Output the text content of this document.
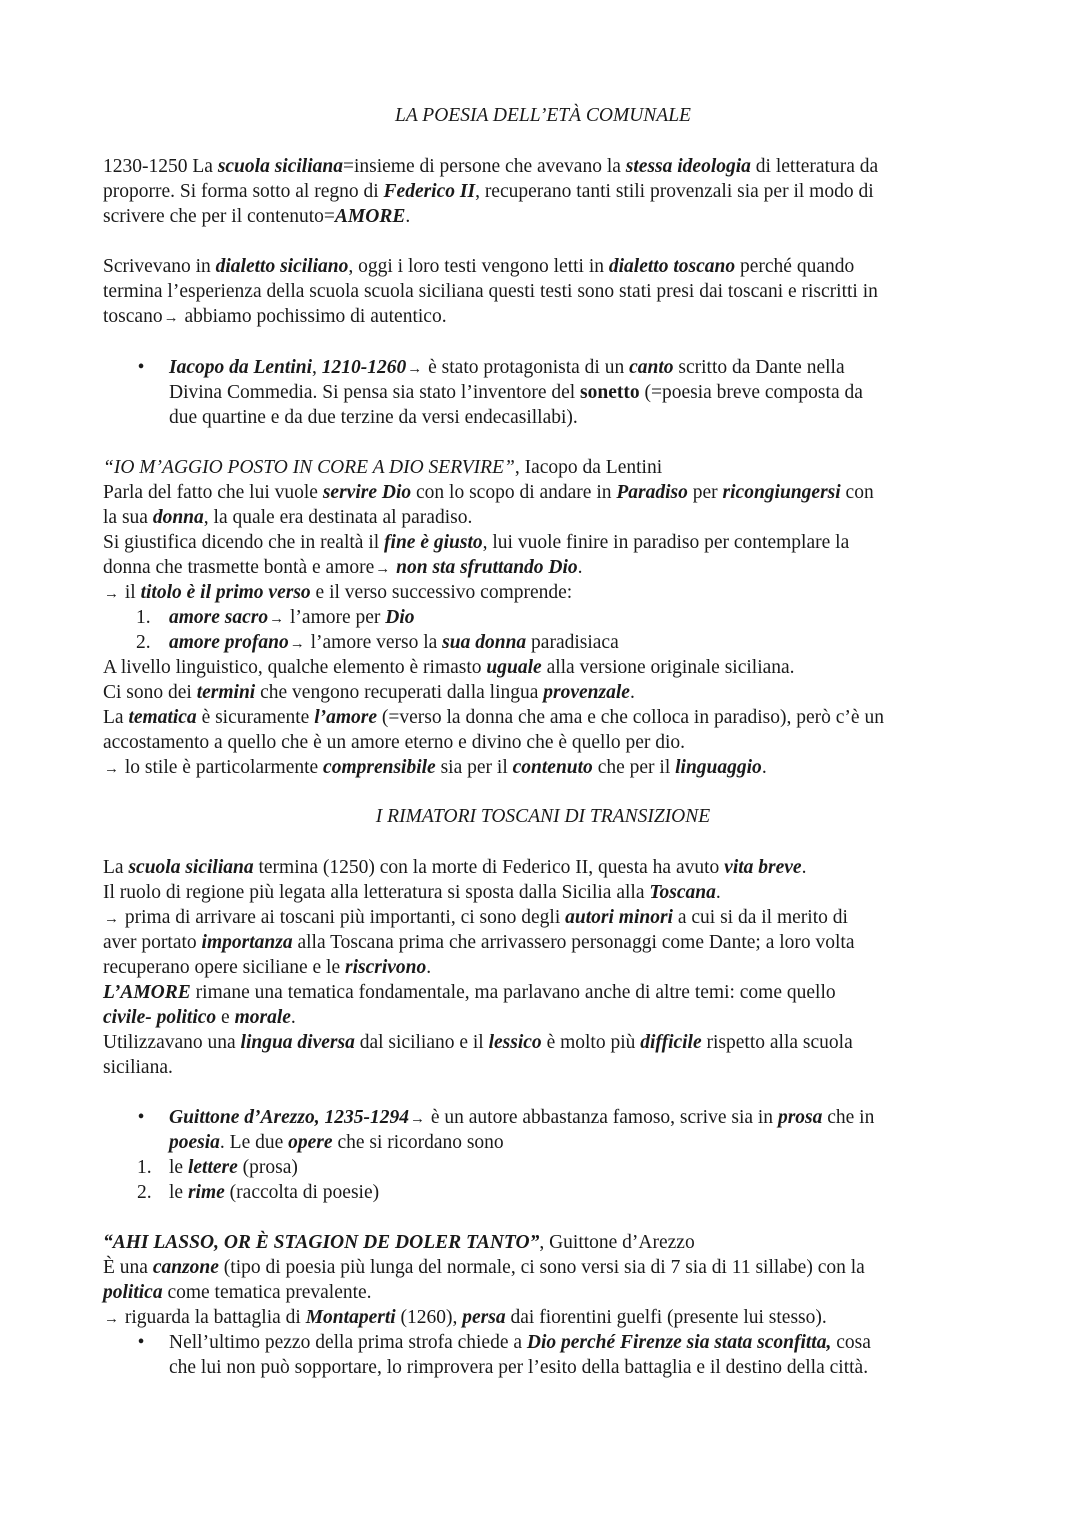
LA POESIA DELL’ETÀ COMUNALE
1230-1250 La scuola siciliana=insieme di persone che avevano la stessa ideologia di letteratura da
proporre. Si forma sotto al regno di Federico II, recuperano tanti stili provenzali sia per il modo di
scrivere che per il contenuto=AMORE.
Scrivevano in dialetto siciliano, oggi i loro testi vengono letti in dialetto toscano perché quando
termina l’esperienza della scuola scuola siciliana questi testi sono stati presi dai toscani e riscritti in
toscano→ abbiamo pochissimo di autentico.
• Iacopo da Lentini, 1210-1260→ è stato protagonista di un canto scritto da Dante nella
Divina Commedia. Si pensa sia stato l’inventore del sonetto (=poesia breve composta da
due quartine e da due terzine da versi endecasillabi).
“IO M’AGGIO POSTO IN CORE A DIO SERVIRE”, Iacopo da Lentini
Parla del fatto che lui vuole servire Dio con lo scopo di andare in Paradiso per ricongiungersi con
la sua donna, la quale era destinata al paradiso.
Si giustifica dicendo che in realtà il fine è giusto, lui vuole finire in paradiso per contemplare la
donna che trasmette bontà e amore→ non sta sfruttando Dio.
→ il titolo è il primo verso e il verso successivo comprende:
1. amore sacro→ l’amore per Dio
2. amore profano→ l’amore verso la sua donna paradisiaca
A livello linguistico, qualche elemento è rimasto uguale alla versione originale siciliana.
Ci sono dei termini che vengono recuperati dalla lingua provenzale.
La tematica è sicuramente l’amore (=verso la donna che ama e che colloca in paradiso), però c’è un
accostamento a quello che è un amore eterno e divino che è quello per dio.
→ lo stile è particolarmente comprensibile sia per il contenuto che per il linguaggio.
I RIMATORI TOSCANI DI TRANSIZIONE
La scuola siciliana termina (1250) con la morte di Federico II, questa ha avuto vita breve.
Il ruolo di regione più legata alla letteratura si sposta dalla Sicilia alla Toscana.
→ prima di arrivare ai toscani più importanti, ci sono degli autori minori a cui si da il merito di
aver portato importanza alla Toscana prima che arrivassero personaggi come Dante; a loro volta
recuperano opere siciliane e le riscrivono.
L’AMORE rimane una tematica fondamentale, ma parlavano anche di altre temi: come quello
civile- politico e morale.
Utilizzavano una lingua diversa dal siciliano e il lessico è molto più difficile rispetto alla scuola
siciliana.
• Guittone d’Arezzo, 1235-1294→ è un autore abbastanza famoso, scrive sia in prosa che in
poesia. Le due opere che si ricordano sono
1. le lettere (prosa)
2. le rime (raccolta di poesie)
“AHI LASSO, OR È STAGION DE DOLER TANTO”, Guittone d’Arezzo
È una canzone (tipo di poesia più lunga del normale, ci sono versi sia di 7 sia di 11 sillabe) con la
politica come tematica prevalente.
→ riguarda la battaglia di Montaperti (1260), persa dai fiorentini guelfi (presente lui stesso).
• Nell’ultimo pezzo della prima strofa chiede a Dio perché Firenze sia stata sconfitta, cosa
che lui non può sopportare, lo rimprovera per l’esito della battaglia e il destino della città.
